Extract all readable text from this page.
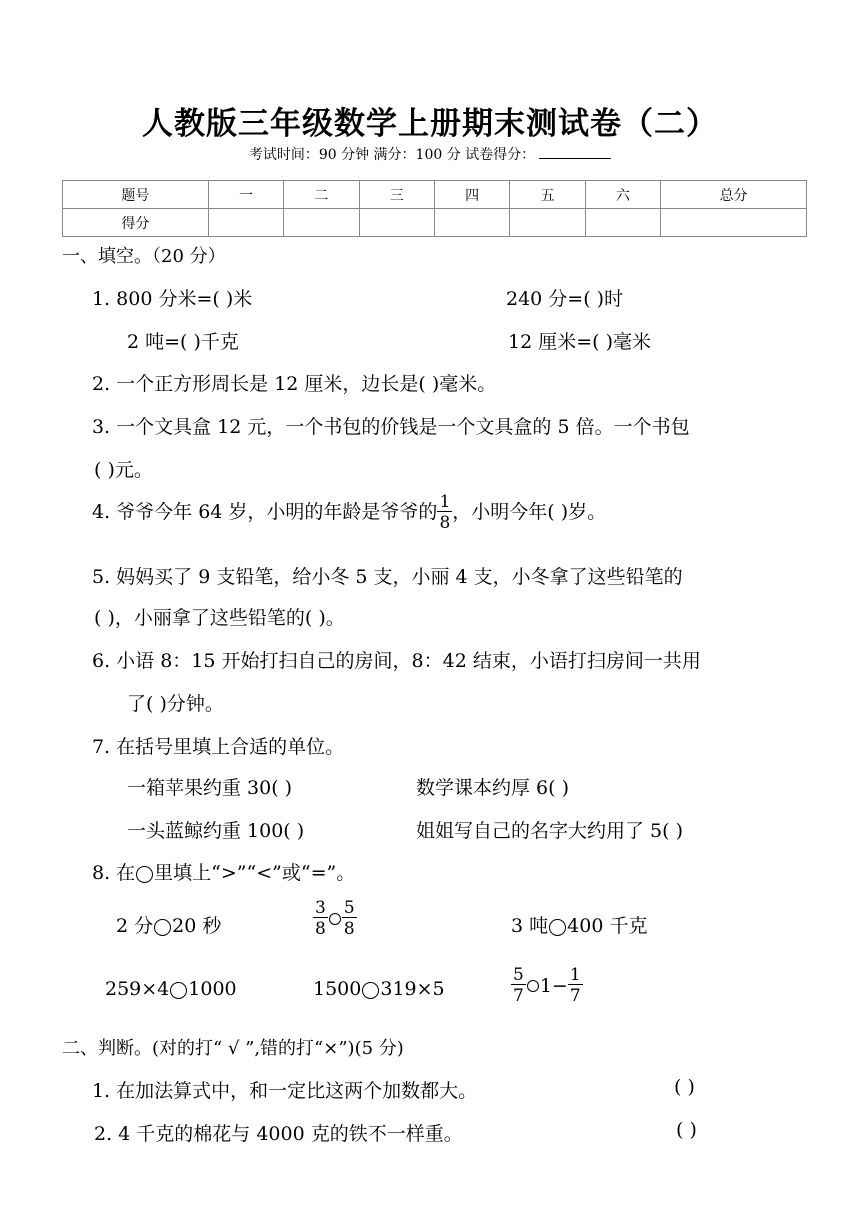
人教版三年级数学上册期末测试卷（二）
考试时间：90 分钟 满分：100 分 试卷得分：
题号	一	二	三	四	五	六	总分
得分							
一、填空。（20 分）
1. 800 分米=( )米	240 分=( )时
2 吨=( )千克	12 厘米=( )毫米
2. 一个正方形周长是 12 厘米，边长是( )毫米。
3. 一个文具盒 12 元，一个书包的价钱是一个文具盒的 5 倍。一个书包
( )元。
4. 爷爷今年 64 岁，小明的年龄是爷爷的 $\frac{1}{8}$ ，小明今年( )岁。
5. 妈妈买了 9 支铅笔，给小冬 5 支，小丽 4 支，小冬拿了这些铅笔的
( )，小丽拿了这些铅笔的( )。
6. 小语 8：15 开始打扫自己的房间，8：42 结束，小语打扫房间一共用
了( )分钟。
7. 在括号里填上合适的单位。
一箱苹果约重 30( )	数学课本约厚 6( )
一头蓝鲸约重 100( )	姐姐写自己的名字大约用了 5( )
8. 在 里填上“>”“<”或“=”。
2 分 20 秒	$\frac{3}{8} \frac{5}{8}$	3 吨 400 千克
259×4 1000	1500 319×5	$\frac{5}{7} 1- \frac{1}{7}$
二、判断。(对的打“ √ ”,错的打“×”)(5 分)
1. 在加法算式中，和一定比这两个加数都大。	( )
2. 4 千克的棉花与 4000 克的铁不一样重。	( )
